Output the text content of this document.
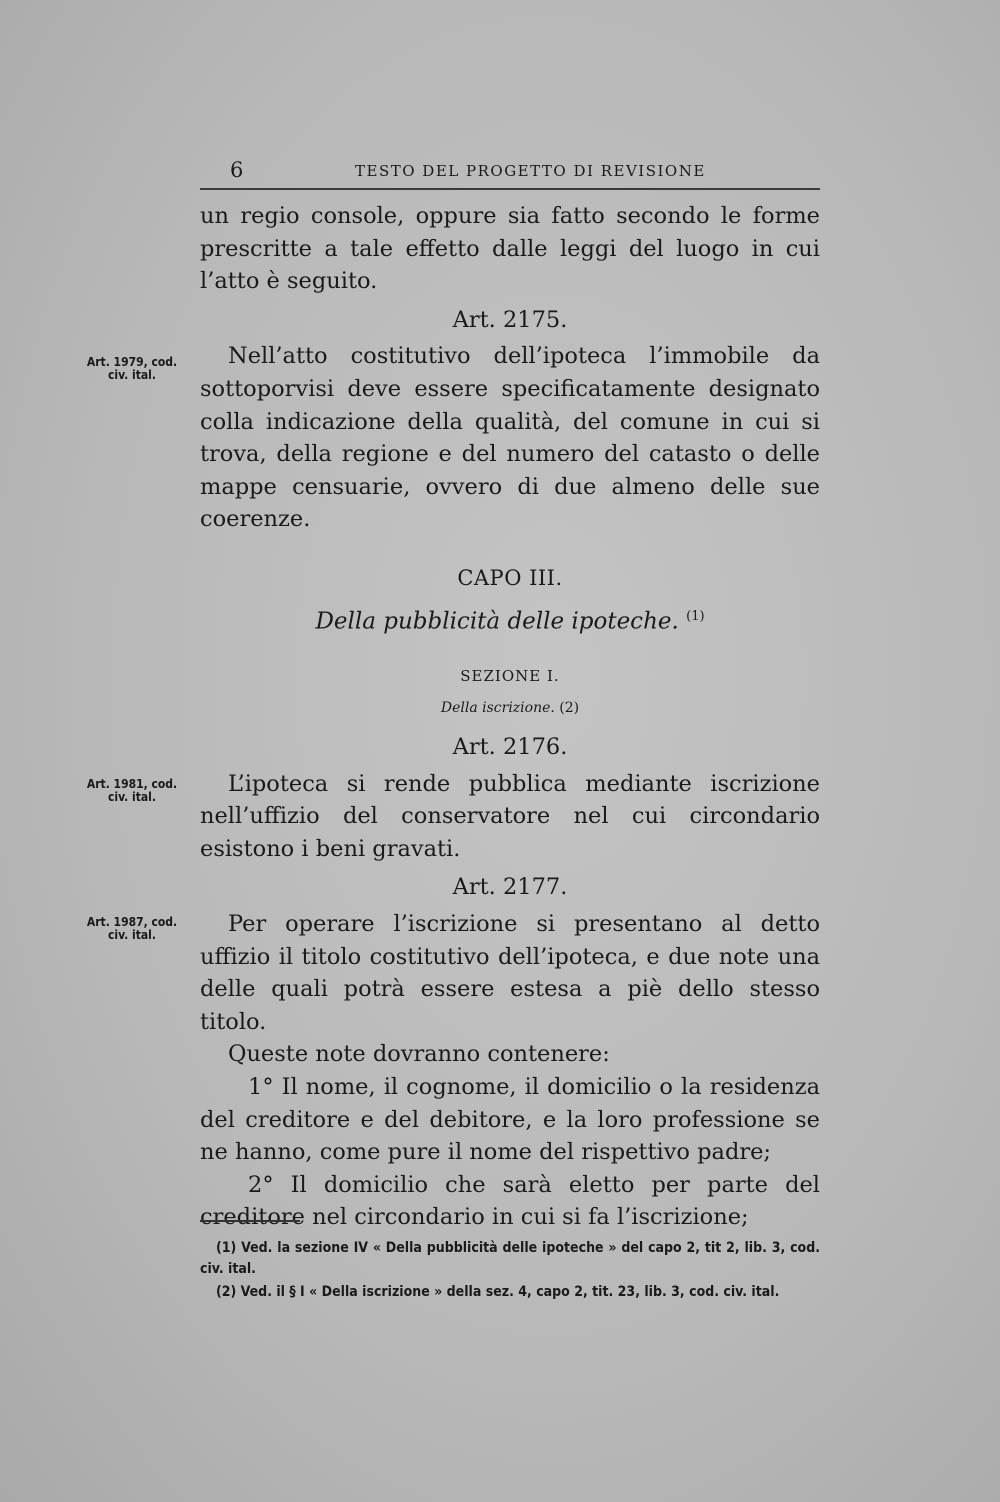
6	TESTO DEL PROGETTO DI REVISIONE
Art. 1979, cod. civ. ital.
Art. 1981, cod. civ. ital.
Art. 1987, cod. civ. ital.

un regio console, oppure sia fatto secondo le forme prescritte a tale effetto dalle leggi del luogo in cui l’atto è seguito.

Art. 2175.

Nell’atto costitutivo dell’ipoteca l’immobile da sottoporvisi deve essere specificatamente designato colla indicazione della qualità, del comune in cui si trova, della regione e del numero del catasto o delle mappe censuarie, ovvero di due almeno delle sue coerenze.

CAPO III.

Della pubblicità delle ipoteche. $^{(1)}$

SEZIONE I.

Della iscrizione. (2)

Art. 2176.

L’ipoteca si rende pubblica mediante iscrizione nell’uffizio del conservatore nel cui circondario esistono i beni gravati.

Art. 2177.

Per operare l’iscrizione si presentano al detto uffizio il titolo costitutivo dell’ipoteca, e due note una delle quali potrà essere estesa a piè dello stesso titolo.

Queste note dovranno contenere:

1° Il nome, il cognome, il domicilio o la residenza del creditore e del debitore, e la loro professione se ne hanno, come pure il nome del rispettivo padre;

2° Il domicilio che sarà eletto per parte del creditore nel circondario in cui si fa l’iscrizione;

(1) Ved. la sezione IV « Della pubblicità delle ipoteche » del capo 2, tit 2, lib. 3, cod. civ. ital.

(2) Ved. il § I « Della iscrizione » della sez. 4, capo 2, tit. 23, lib. 3, cod. civ. ital.
